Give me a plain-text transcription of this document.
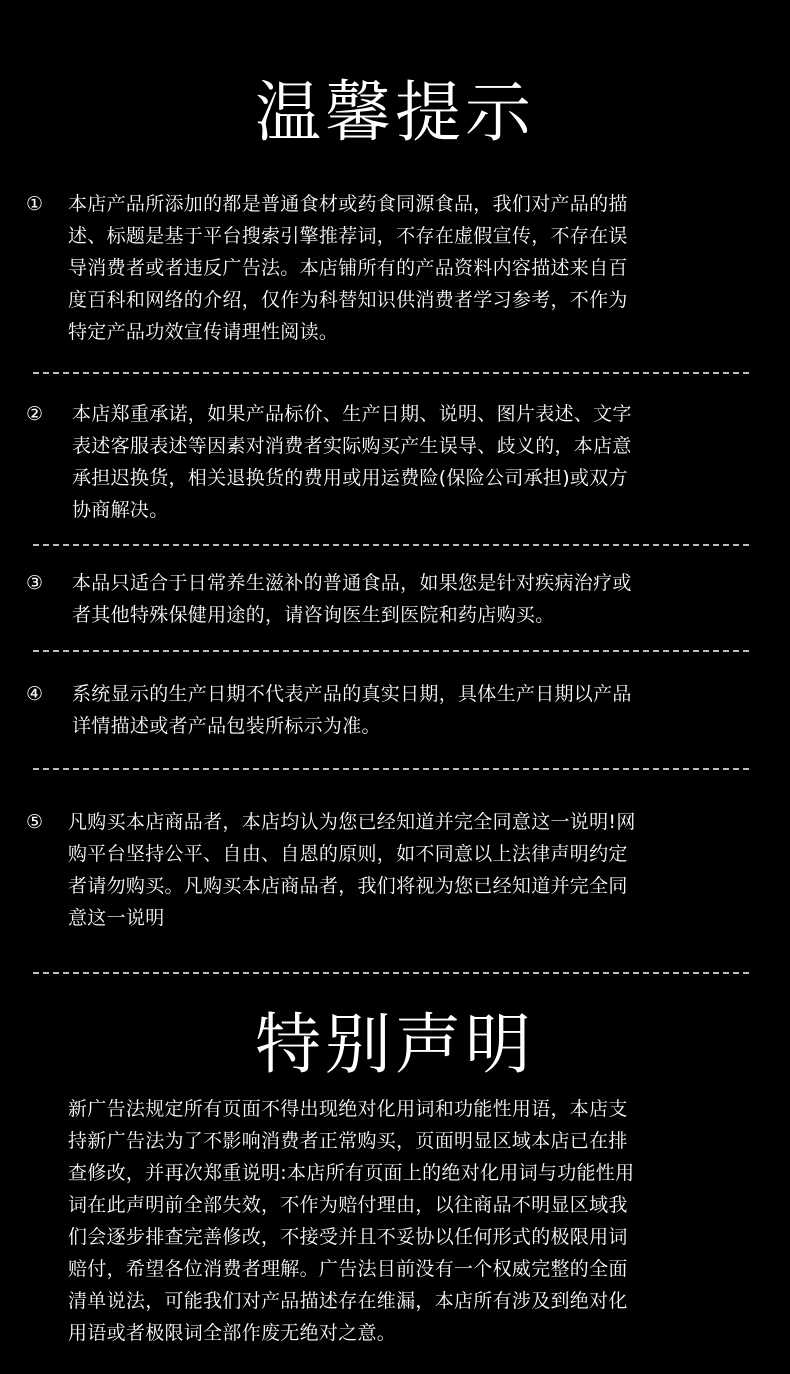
温馨提示
① 本店产品所添加的都是普通食材或药食同源食品，我们对产品的描
述、标题是基于平台搜索引擎推荐词，不存在虚假宣传，不存在误
导消费者或者违反广告法。本店铺所有的产品资料内容描述来自百
度百科和网络的介绍，仅作为科替知识供消费者学习参考，不作为
特定产品功效宣传请理性阅读。
② 本店郑重承诺，如果产品标价、生产日期、说明、图片表述、文字
表述客服表述等因素对消费者实际购买产生误导、歧义的，本店意
承担迟换货，相关退换货的费用或用运费险(保险公司承担)或双方
协商解决。
③ 本品只适合于日常养生滋补的普通食品，如果您是针对疾病治疗或
者其他特殊保健用途的，请咨询医生到医院和药店购买。
④ 系统显示的生产日期不代表产品的真实日期，具体生产日期以产品
详情描述或者产品包装所标示为准。
⑤ 凡购买本店商品者，本店均认为您已经知道并完全同意这一说明!网
购平台坚持公平、自由、自恩的原则，如不同意以上法律声明约定
者请勿购买。凡购买本店商品者，我们将视为您已经知道并完全同
意这一说明
特别声明
新广告法规定所有页面不得出现绝对化用词和功能性用语，本店支
持新广告法为了不影响消费者正常购买，页面明显区域本店已在排
查修改，并再次郑重说明:本店所有页面上的绝对化用词与功能性用
词在此声明前全部失效，不作为赔付理由，以往商品不明显区域我
们会逐步排查完善修改，不接受并且不妥协以任何形式的极限用词
赔付，希望各位消费者理解。广告法目前没有一个权威完整的全面
清单说法，可能我们对产品描述存在维漏，本店所有涉及到绝对化
用语或者极限词全部作废无绝对之意。
